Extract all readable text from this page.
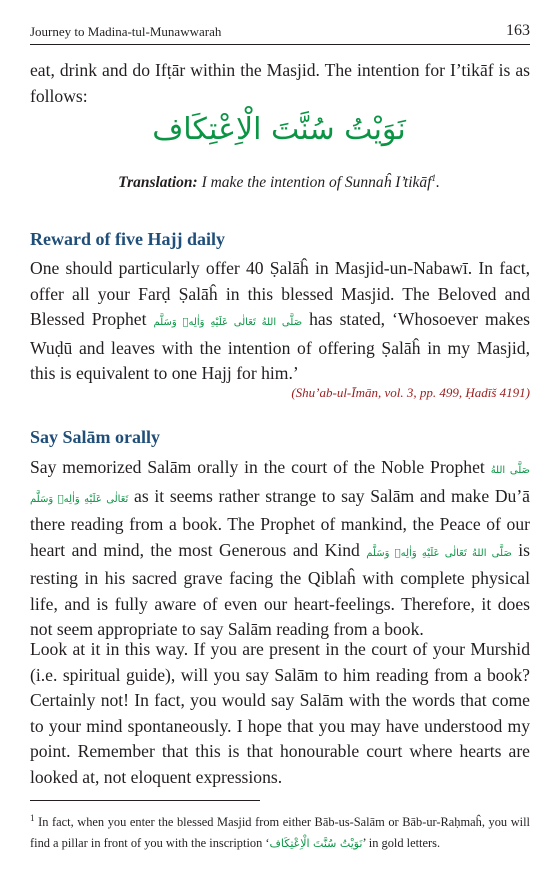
Journey to Madina-tul-Munawwarah	163

eat, drink and do Ifṭār within the Masjid. The intention for I’tikāf is as follows:

نَوَيْتُ سُنَّتَ الْاِعْتِكَاف
Translation: I make the intention of Sunnaĥ I’tikāf$^1$.
Reward of five Hajj daily

One should particularly offer 40 Ṣalāĥ in Masjid-un-Nabawī. In fact, offer all your Farḍ Ṣalāĥ in this blessed Masjid. The Beloved and Blessed Prophet صَلَّى اللهُ تَعَالٰى عَلَيْهِ وَاٰلِهٖ وَسَلَّم has stated, ‘Whosoever makes Wuḍū and leaves with the intention of offering Ṣalāĥ in my Masjid, this is equivalent to one Hajj for him.’

(Shu’ab-ul-Īmān, vol. 3, pp. 499, Ḥadīš 4191)
Say Salām orally

Say memorized Salām orally in the court of the Noble Prophet صَلَّى اللهُ تَعَالٰى عَلَيْهِ وَاٰلِهٖ وَسَلَّم as it seems rather strange to say Salām and make Du’ā there reading from a book. The Prophet of mankind, the Peace of our heart and mind, the most Generous and Kind صَلَّى اللهُ تَعَالٰى عَلَيْهِ وَاٰلِهٖ وَسَلَّم is resting in his sacred grave facing the Qiblaĥ with complete physical life, and is fully aware of even our heart-feelings. Therefore, it does not seem appropriate to say Salām reading from a book.

Look at it in this way. If you are present in the court of your Murshid (i.e. spiritual guide), will you say Salām to him reading from a book? Certainly not! In fact, you would say Salām with the words that come to your mind spontaneously. I hope that you may have understood my point. Remember that this is that honourable court where hearts are looked at, not eloquent expressions.

$^1$ In fact, when you enter the blessed Masjid from either Bāb-us-Salām or Bāb-ur-Raḥmaĥ, you will find a pillar in front of you with the inscription ‘نَوَيْتُ سُنَّتَ الْاِعْتِكَاف’ in gold letters.
